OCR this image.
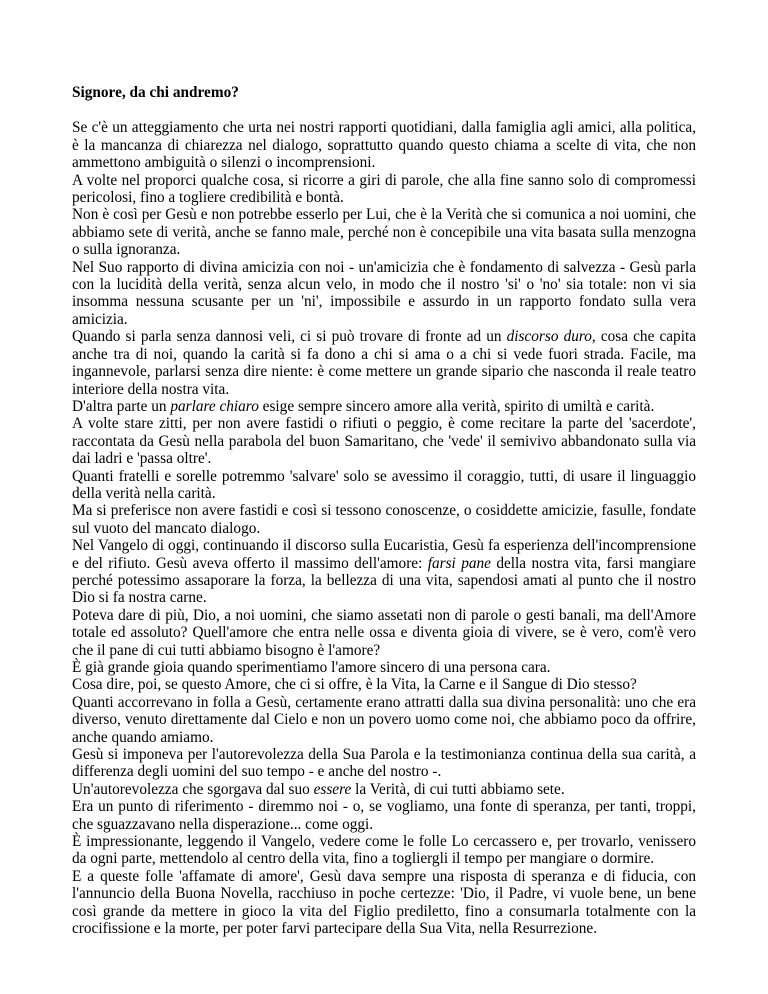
Signore, da chi andremo?

Se c'è un atteggiamento che urta nei nostri rapporti quotidiani, dalla famiglia agli amici, alla politica, è la mancanza di chiarezza nel dialogo, soprattutto quando questo chiama a scelte di vita, che non ammettono ambiguità o silenzi o incomprensioni.

A volte nel proporci qualche cosa, si ricorre a giri di parole, che alla fine sanno solo di compromessi pericolosi, fino a togliere credibilità e bontà.

Non è così per Gesù e non potrebbe esserlo per Lui, che è la Verità che si comunica a noi uomini, che abbiamo sete di verità, anche se fanno male, perché non è concepibile una vita basata sulla menzogna o sulla ignoranza.

Nel Suo rapporto di divina amicizia con noi - un'amicizia che è fondamento di salvezza - Gesù parla con la lucidità della verità, senza alcun velo, in modo che il nostro 'si' o 'no' sia totale: non vi sia insomma nessuna scusante per un 'ni', impossibile e assurdo in un rapporto fondato sulla vera amicizia.

Quando si parla senza dannosi veli, ci si può trovare di fronte ad un discorso duro, cosa che capita anche tra di noi, quando la carità si fa dono a chi si ama o a chi si vede fuori strada. Facile, ma ingannevole, parlarsi senza dire niente: è come mettere un grande sipario che nasconda il reale teatro interiore della nostra vita.

D'altra parte un parlare chiaro esige sempre sincero amore alla verità, spirito di umiltà e carità.

A volte stare zitti, per non avere fastidi o rifiuti o peggio, è come recitare la parte del 'sacerdote', raccontata da Gesù nella parabola del buon Samaritano, che 'vede' il semivivo abbandonato sulla via dai ladri e 'passa oltre'.

Quanti fratelli e sorelle potremmo 'salvare' solo se avessimo il coraggio, tutti, di usare il linguaggio della verità nella carità.

Ma si preferisce non avere fastidi e così si tessono conoscenze, o cosiddette amicizie, fasulle, fondate sul vuoto del mancato dialogo.

Nel Vangelo di oggi, continuando il discorso sulla Eucaristia, Gesù fa esperienza dell'incomprensione e del rifiuto. Gesù aveva offerto il massimo dell'amore: farsi pane della nostra vita, farsi mangiare perché potessimo assaporare la forza, la bellezza di una vita, sapendosi amati al punto che il nostro Dio si fa nostra carne.

Poteva dare di più, Dio, a noi uomini, che siamo assetati non di parole o gesti banali, ma dell'Amore totale ed assoluto? Quell'amore che entra nelle ossa e diventa gioia di vivere, se è vero, com'è vero che il pane di cui tutti abbiamo bisogno è l'amore?

È già grande gioia quando sperimentiamo l'amore sincero di una persona cara.

Cosa dire, poi, se questo Amore, che ci si offre, è la Vita, la Carne e il Sangue di Dio stesso?

Quanti accorrevano in folla a Gesù, certamente erano attratti dalla sua divina personalità: uno che era diverso, venuto direttamente dal Cielo e non un povero uomo come noi, che abbiamo poco da offrire, anche quando amiamo.

Gesù si imponeva per l'autorevolezza della Sua Parola e la testimonianza continua della sua carità, a differenza degli uomini del suo tempo - e anche del nostro -.

Un'autorevolezza che sgorgava dal suo essere la Verità, di cui tutti abbiamo sete.

Era un punto di riferimento - diremmo noi - o, se vogliamo, una fonte di speranza, per tanti, troppi, che sguazzavano nella disperazione... come oggi.

È impressionante, leggendo il Vangelo, vedere come le folle Lo cercassero e, per trovarlo, venissero da ogni parte, mettendolo al centro della vita, fino a togliergli il tempo per mangiare o dormire.

E a queste folle 'affamate di amore', Gesù dava sempre una risposta di speranza e di fiducia, con l'annuncio della Buona Novella, racchiuso in poche certezze: 'Dio, il Padre, vi vuole bene, un bene così grande da mettere in gioco la vita del Figlio prediletto, fino a consumarla totalmente con la crocifissione e la morte, per poter farvi partecipare della Sua Vita, nella Resurrezione.
